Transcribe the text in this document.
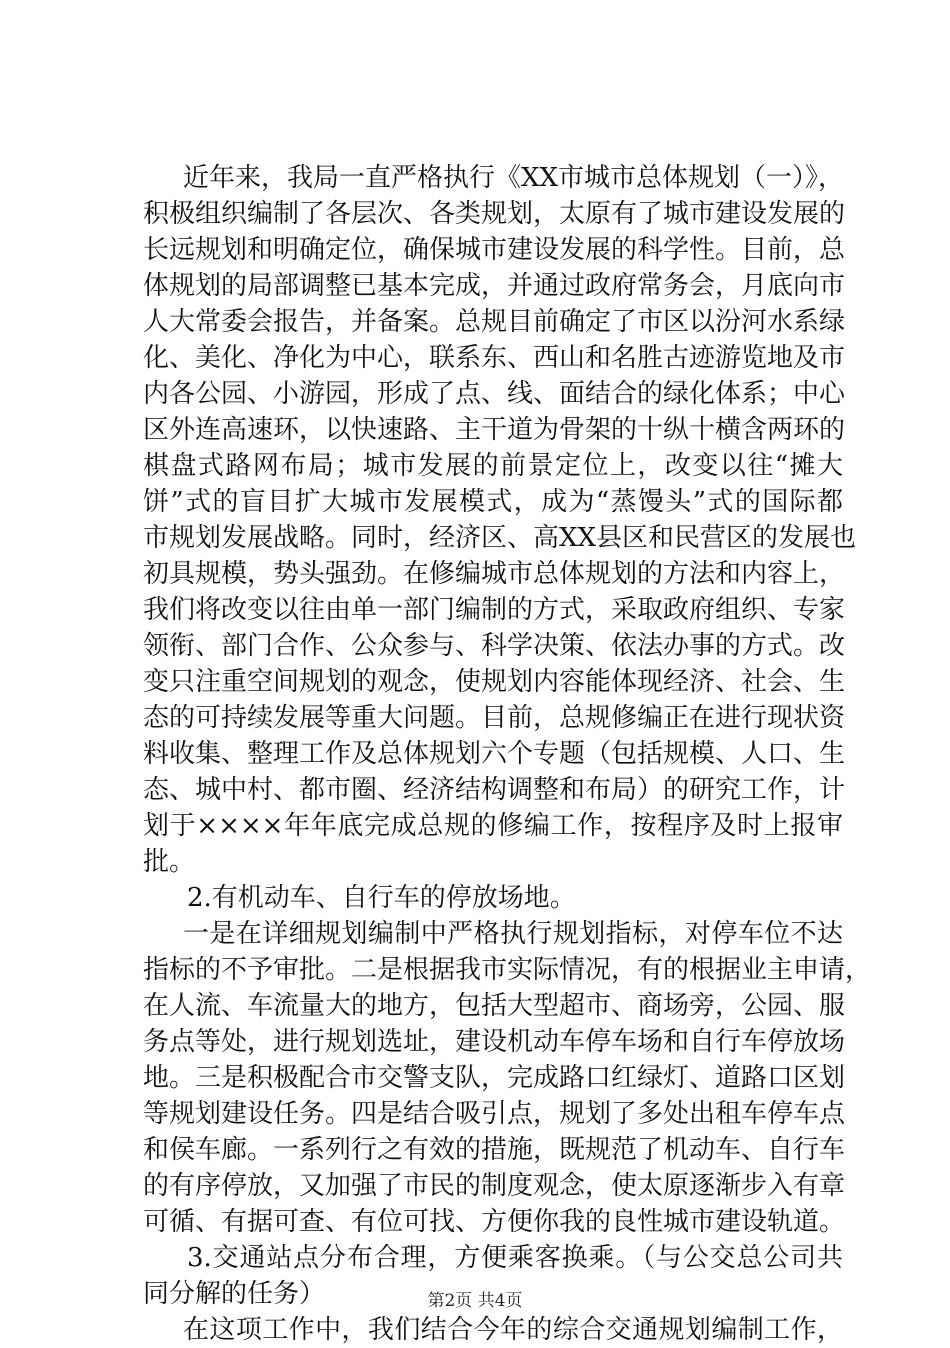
近年来，我局一直严格执行《XX市城市总体规划（一）》，
积极组织编制了各层次、各类规划，太原有了城市建设发展的
长远规划和明确定位，确保城市建设发展的科学性。目前，总
体规划的局部调整已基本完成，并通过政府常务会，月底向市
人大常委会报告，并备案。总规目前确定了市区以汾河水系绿
化、美化、净化为中心，联系东、西山和名胜古迹游览地及市
内各公园、小游园，形成了点、线、面结合的绿化体系；中心
区外连高速环，以快速路、主干道为骨架的十纵十横含两环的
棋盘式路网布局；城市发展的前景定位上，改变以往“摊大
饼”式的盲目扩大城市发展模式，成为“蒸馒头”式的国际都
市规划发展战略。同时，经济区、高XX县区和民营区的发展也
初具规模，势头强劲。在修编城市总体规划的方法和内容上，
我们将改变以往由单一部门编制的方式，采取政府组织、专家
领衔、部门合作、公众参与、科学决策、依法办事的方式。改
变只注重空间规划的观念，使规划内容能体现经济、社会、生
态的可持续发展等重大问题。目前，总规修编正在进行现状资
料收集、整理工作及总体规划六个专题（包括规模、人口、生
态、城中村、都市圈、经济结构调整和布局）的研究工作，计
划于××××年年底完成总规的修编工作，按程序及时上报审
批。
2.有机动车、自行车的停放场地。
一是在详细规划编制中严格执行规划指标，对停车位不达
指标的不予审批。二是根据我市实际情况，有的根据业主申请，
在人流、车流量大的地方，包括大型超市、商场旁，公园、服
务点等处，进行规划选址，建设机动车停车场和自行车停放场
地。三是积极配合市交警支队，完成路口红绿灯、道路口区划
等规划建设任务。四是结合吸引点，规划了多处出租车停车点
和侯车廊。一系列行之有效的措施，既规范了机动车、自行车
的有序停放，又加强了市民的制度观念，使太原逐渐步入有章
可循、有据可查、有位可找、方便你我的良性城市建设轨道。
3.交通站点分布合理，方便乘客换乘。（与公交总公司共
同分解的任务）
在这项工作中，我们结合今年的综合交通规划编制工作，
第2页 共4页
